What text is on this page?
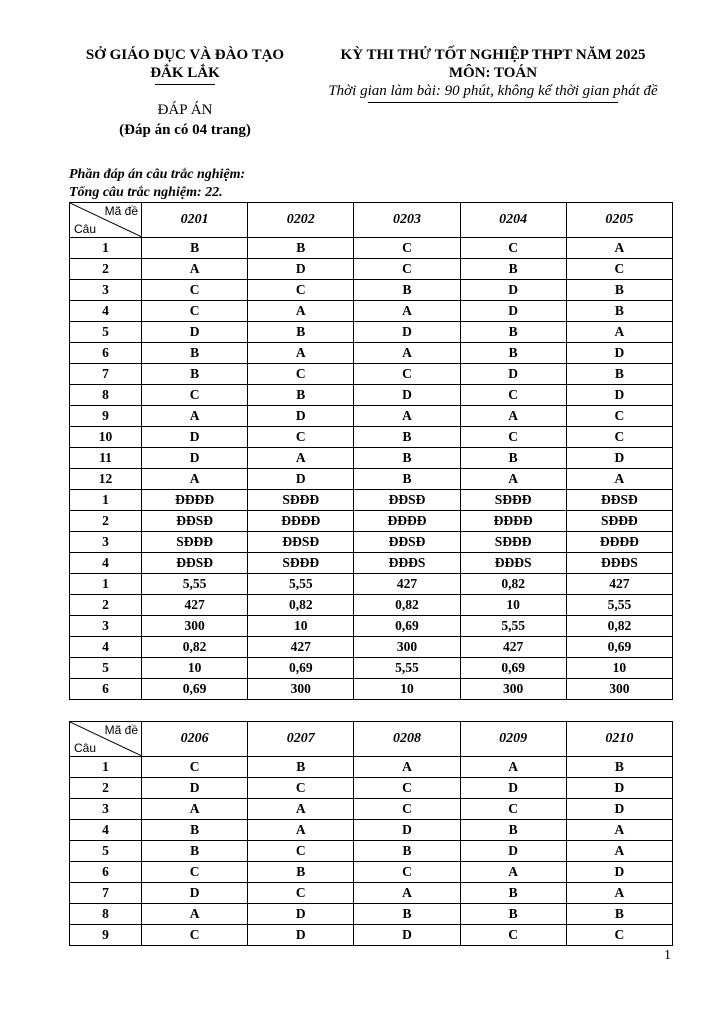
SỞ GIÁO DỤC VÀ ĐÀO TẠO
ĐẮK LẮK
KỲ THI THỬ TỐT NGHIỆP THPT NĂM 2025
MÔN: TOÁN
Thời gian làm bài: 90 phút, không kể thời gian phát đề
ĐÁP ÁN
(Đáp án có 04 trang)
Phần đáp án câu trắc nghiệm:
Tổng câu trắc nghiệm: 22.
Mã đề
Câu	0201	0202	0203	0204	0205
1	B	B	C	C	A
2	A	D	C	B	C
3	C	C	B	D	B
4	C	A	A	D	B
5	D	B	D	B	A
6	B	A	A	B	D
7	B	C	C	D	B
8	C	B	D	C	D
9	A	D	A	A	C
10	D	C	B	C	C
11	D	A	B	B	D
12	A	D	B	A	A
1	ĐĐĐĐ	SĐĐĐ	ĐĐSĐ	SĐĐĐ	ĐĐSĐ
2	ĐĐSĐ	ĐĐĐĐ	ĐĐĐĐ	ĐĐĐĐ	SĐĐĐ
3	SĐĐĐ	ĐĐSĐ	ĐĐSĐ	SĐĐĐ	ĐĐĐĐ
4	ĐĐSĐ	SĐĐĐ	ĐĐĐS	ĐĐĐS	ĐĐĐS
1	5,55	5,55	427	0,82	427
2	427	0,82	0,82	10	5,55
3	300	10	0,69	5,55	0,82
4	0,82	427	300	427	0,69
5	10	0,69	5,55	0,69	10
6	0,69	300	10	300	300
Mã đề
Câu	0206	0207	0208	0209	0210
1	C	B	A	A	B
2	D	C	C	D	D
3	A	A	C	C	D
4	B	A	D	B	A
5	B	C	B	D	A
6	C	B	C	A	D
7	D	C	A	B	A
8	A	D	B	B	B
9	C	D	D	C	C
1
